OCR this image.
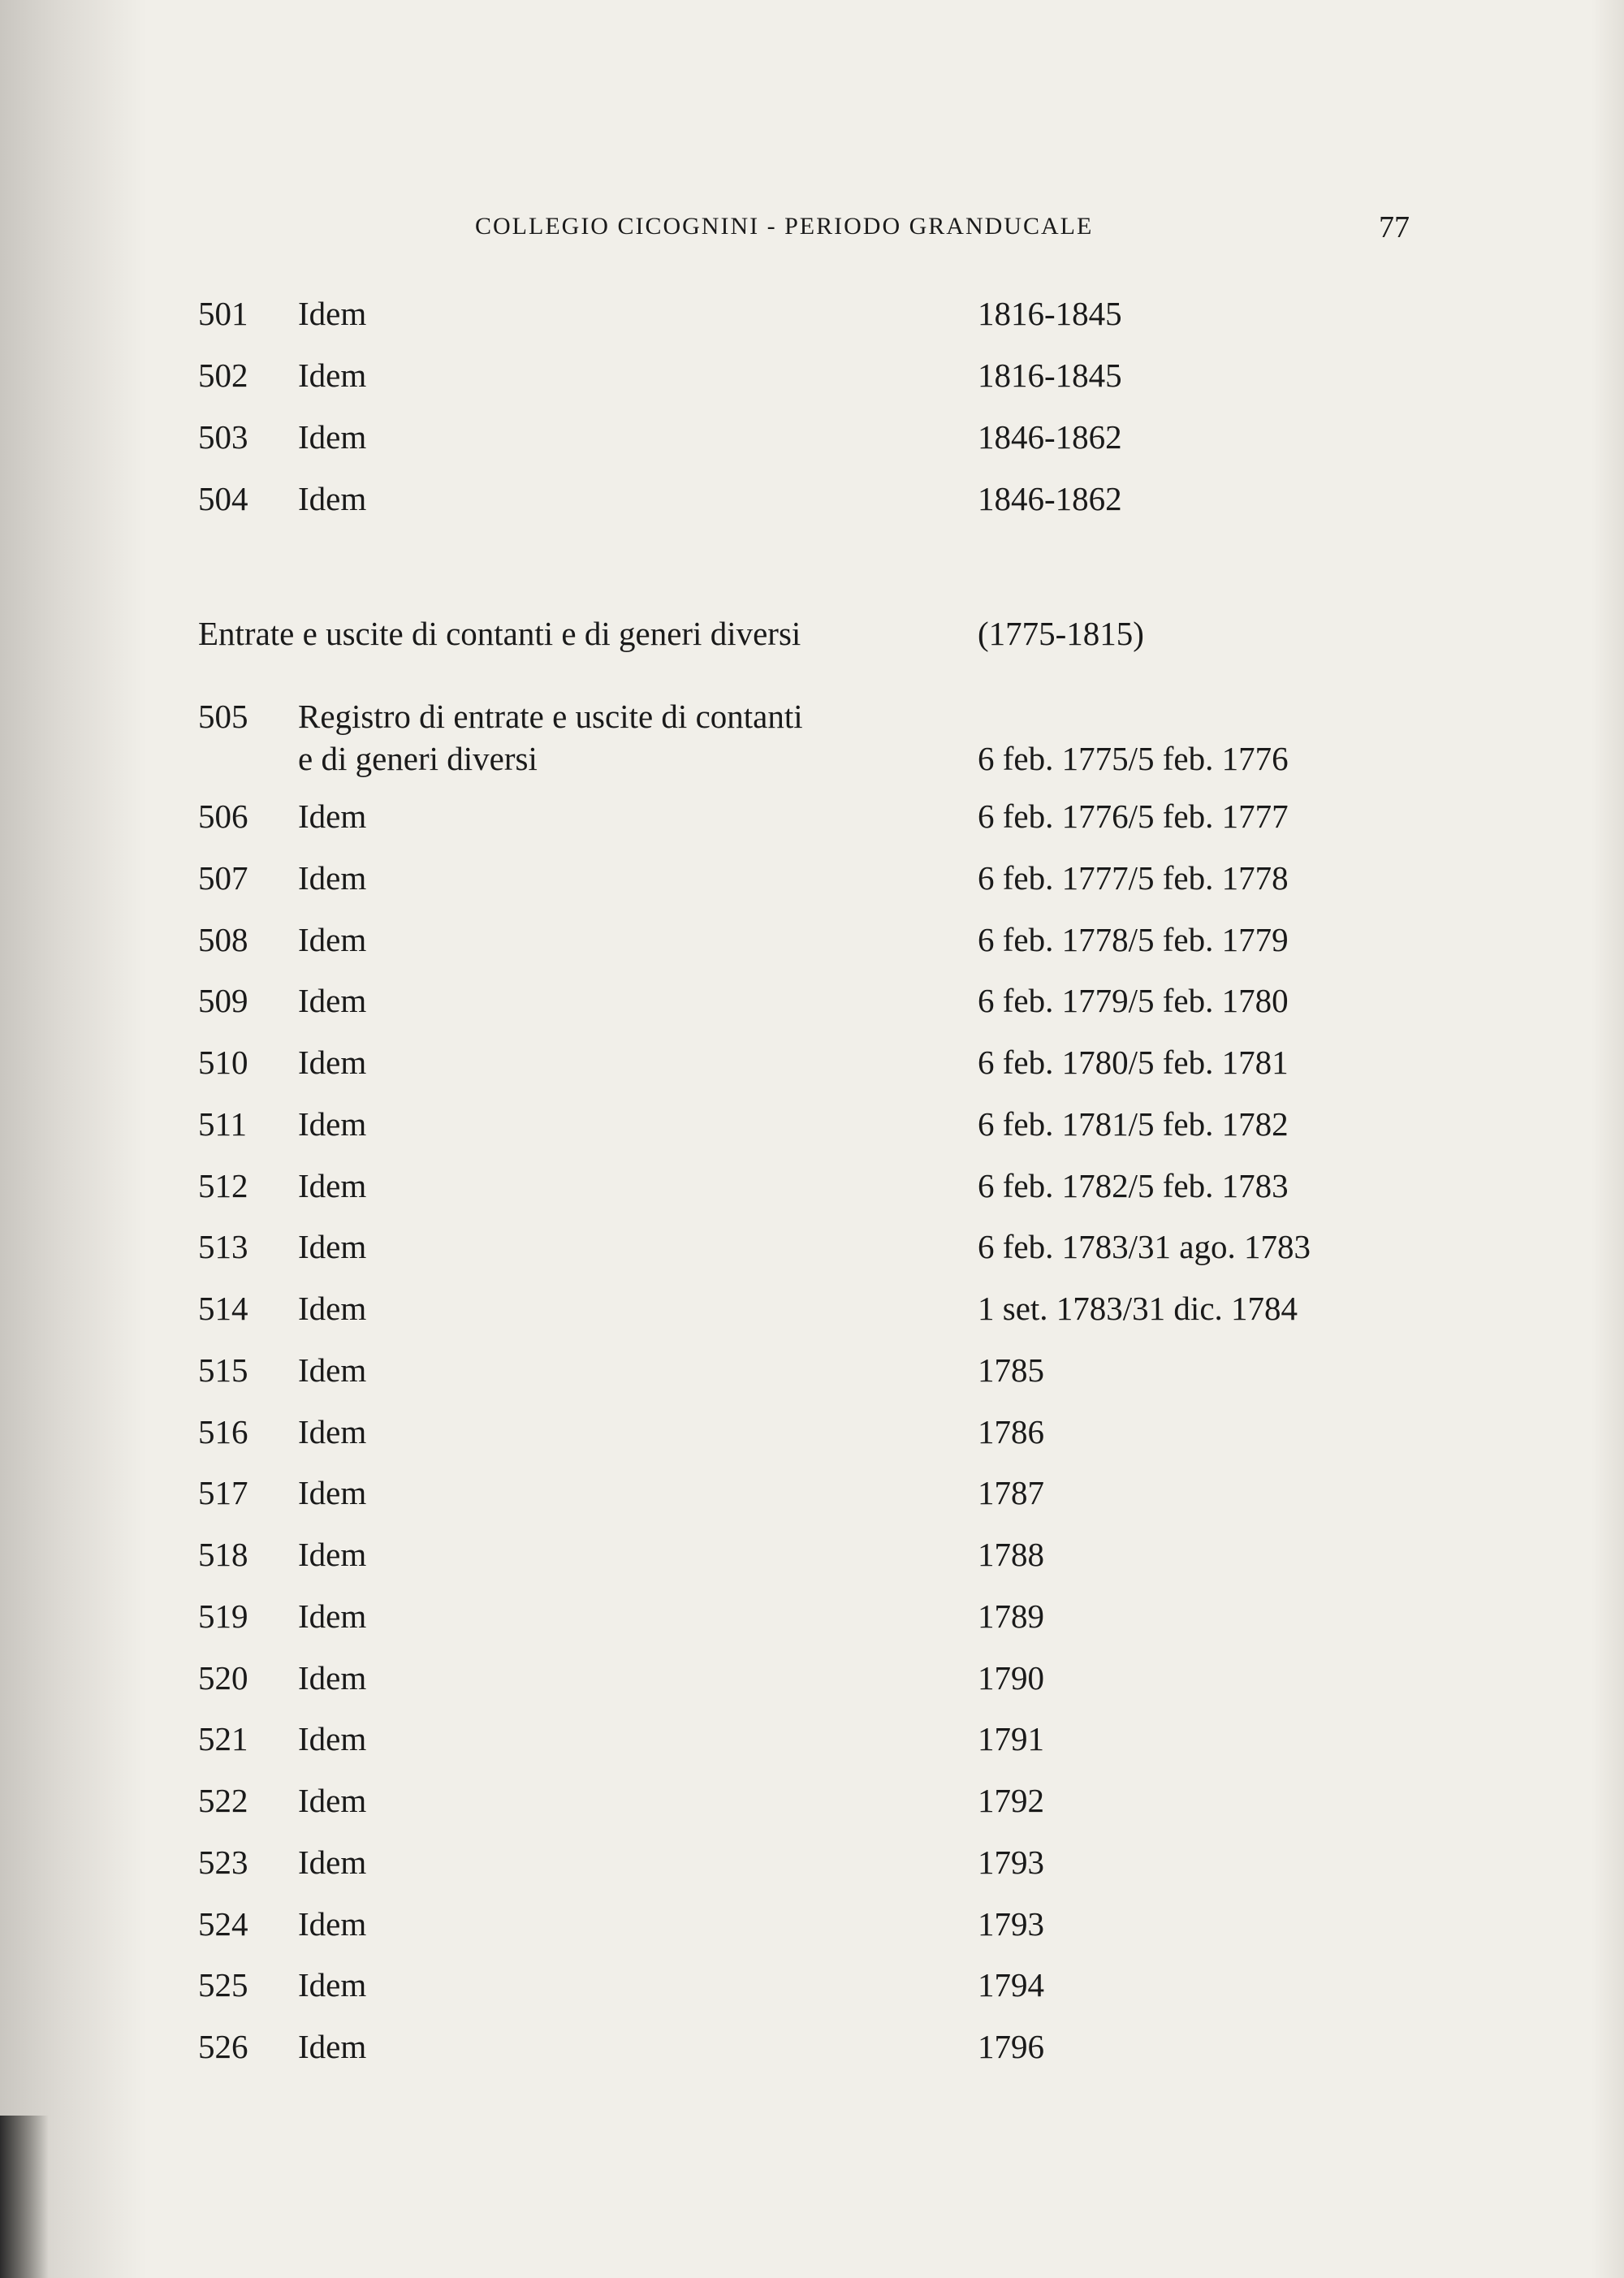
COLLEGIO CICOGNINI - PERIODO GRANDUCALE	77
501 Idem	1816-1845
502 Idem	1816-1845
503 Idem	1846-1862
504 Idem	1846-1862
Entrate e uscite di contanti e di generi diversi	(1775-1815)
505 Registro di entrate e uscite di contanti
e di generi diversi	6 feb. 1775/5 feb. 1776
506 Idem	6 feb. 1776/5 feb. 1777
507 Idem	6 feb. 1777/5 feb. 1778
508 Idem	6 feb. 1778/5 feb. 1779
509 Idem	6 feb. 1779/5 feb. 1780
510 Idem	6 feb. 1780/5 feb. 1781
511 Idem	6 feb. 1781/5 feb. 1782
512 Idem	6 feb. 1782/5 feb. 1783
513 Idem	6 feb. 1783/31 ago. 1783
514 Idem	1 set. 1783/31 dic. 1784
515 Idem	1785
516 Idem	1786
517 Idem	1787
518 Idem	1788
519 Idem	1789
520 Idem	1790
521 Idem	1791
522 Idem	1792
523 Idem	1793
524 Idem	1793
525 Idem	1794
526 Idem	1796
